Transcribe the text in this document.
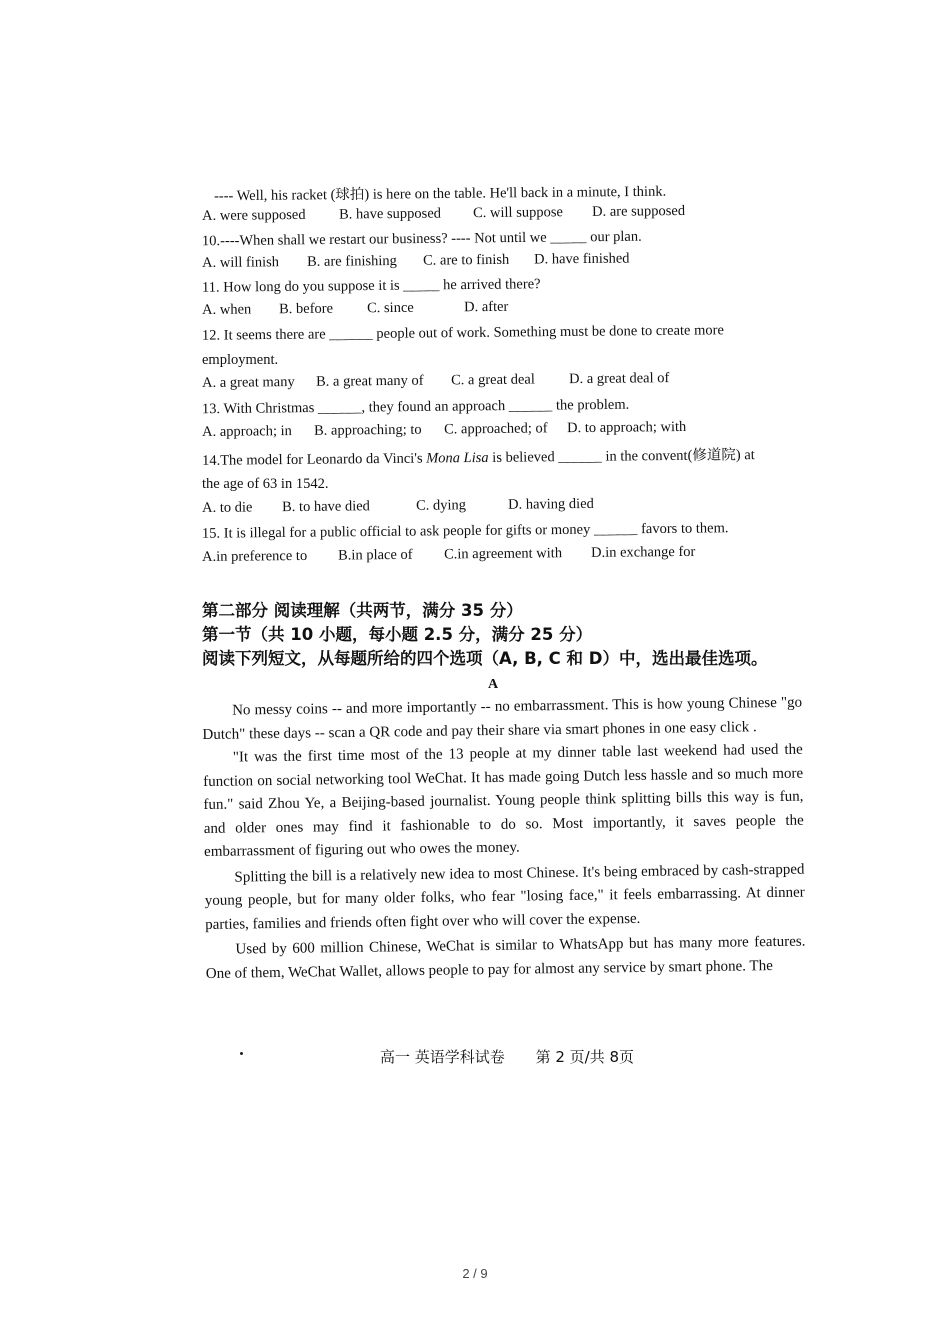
---- Well, his racket (球拍) is here on the table. He'll back in a minute, I think.
A. were supposed B. have supposed C. will suppose D. are supposed
10.----When shall we restart our business? ---- Not until we _____ our plan.
A. will finish B. are finishing C. are to finish D. have finished
11. How long do you suppose it is _____ he arrived there?
A. when B. before C. since	D. after
12. It seems there are ______ people out of work. Something must be done to create more
employment.
A. a great many B. a great many of C. a great deal D. a great deal of
13. With Christmas ______, they found an approach ______ the problem.
A. approach; in B. approaching; to C. approached; of D. to approach; with
14.The model for Leonardo da Vinci's Mona Lisa is believed ______ in the convent(修道院) at
the age of 63 in 1542.
A. to die B. to have died	C. dying	D. having died
15. It is illegal for a public official to ask people for gifts or money ______ favors to them.
A.in preference to B.in place of C.in agreement with D.in exchange for
第二部分 阅读理解（共两节，满分 35 分）
第一节（共 10 小题，每小题 2.5 分，满分 25 分）
阅读下列短文，从每题所给的四个选项（A, B, C 和 D）中，选出最佳选项。
A

No messy coins -- and more importantly -- no embarrassment. This is how young Chinese "go Dutch" these days -- scan a QR code and pay their share via smart phones in one easy click .

"It was the first time most of the 13 people at my dinner table last weekend had used the function on social networking tool WeChat. It has made going Dutch less hassle and so much more fun." said Zhou Ye, a Beijing-based journalist. Young people think splitting bills this way is fun, and older ones may find it fashionable to do so. Most importantly, it saves people the embarrassment of figuring out who owes the money.

Splitting the bill is a relatively new idea to most Chinese. It's being embraced by cash-strapped young people, but for many older folks, who fear "losing face," it feels embarrassing. At dinner parties, families and friends often fight over who will cover the expense.

Used by 600 million Chinese, WeChat is similar to WhatsApp but has many more features. One of them, WeChat Wallet, allows people to pay for almost any service by smart phone. The

高一 英语学科试卷 第 2 页/共 8页
2 / 9
